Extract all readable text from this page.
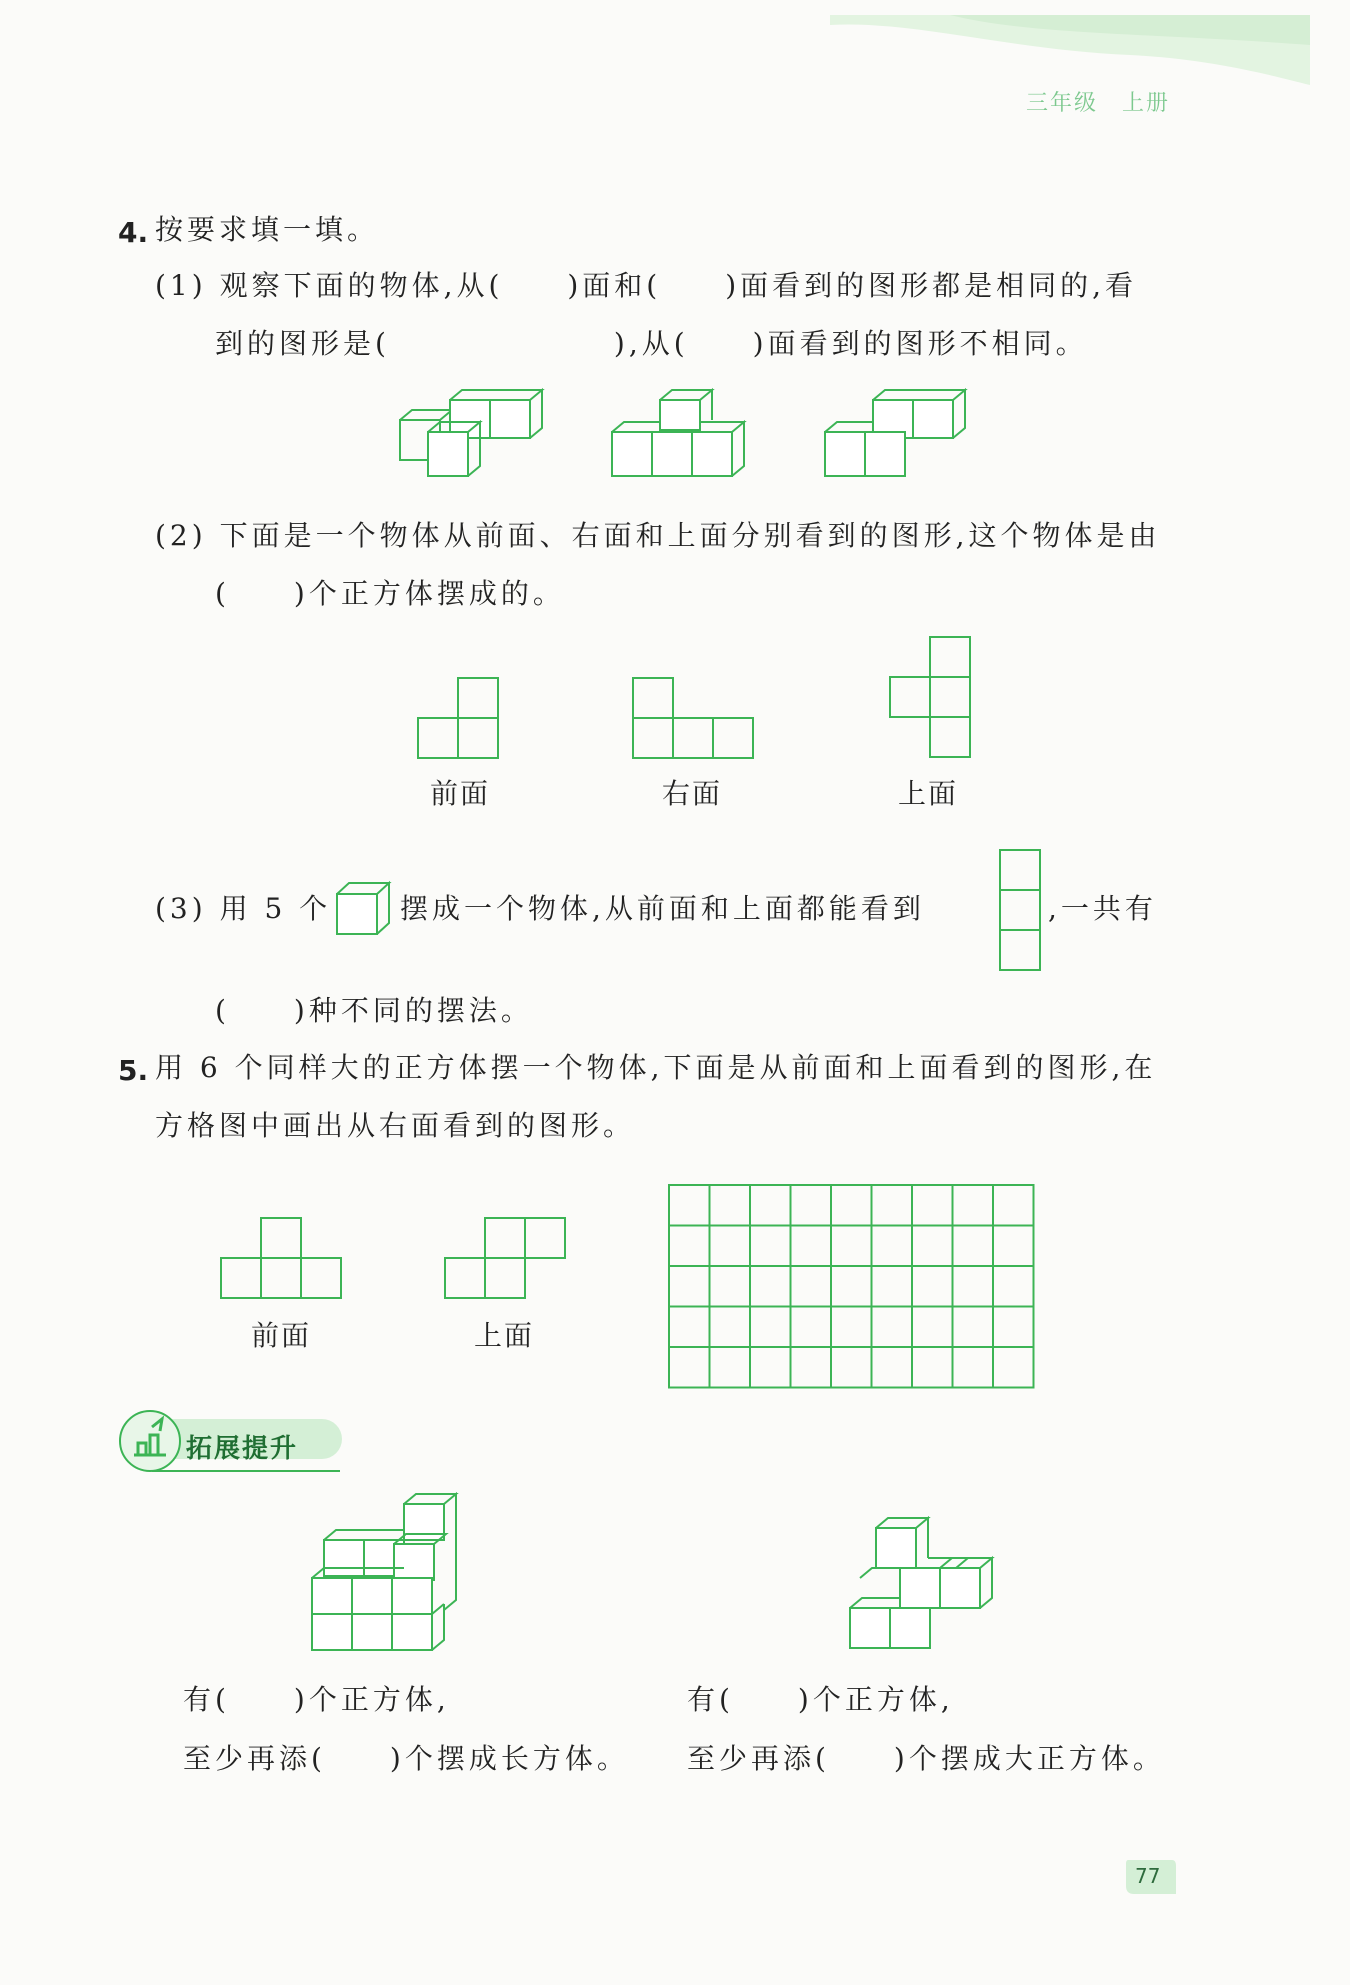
三年级　上册
4. 按要求填一填。
(1) 观察下面的物体,从(　　)面和(　　)面看到的图形都是相同的,看
到的图形是(　　　　　　　),从(　　)面看到的图形不相同。
(2) 下面是一个物体从前面、右面和上面分别看到的图形,这个物体是由
(　　)个正方体摆成的。
前面	右面	上面
(3) 用 5 个 摆成一个物体,从前面和上面都能看到	,一共有
(　　)种不同的摆法。
5. 用 6 个同样大的正方体摆一个物体,下面是从前面和上面看到的图形,在
方格图中画出从右面看到的图形。
前面	上面
拓展提升
有(　　)个正方体,
至少再添(　　)个摆成长方体。
有(　　)个正方体,
至少再添(　　)个摆成大正方体。
77
